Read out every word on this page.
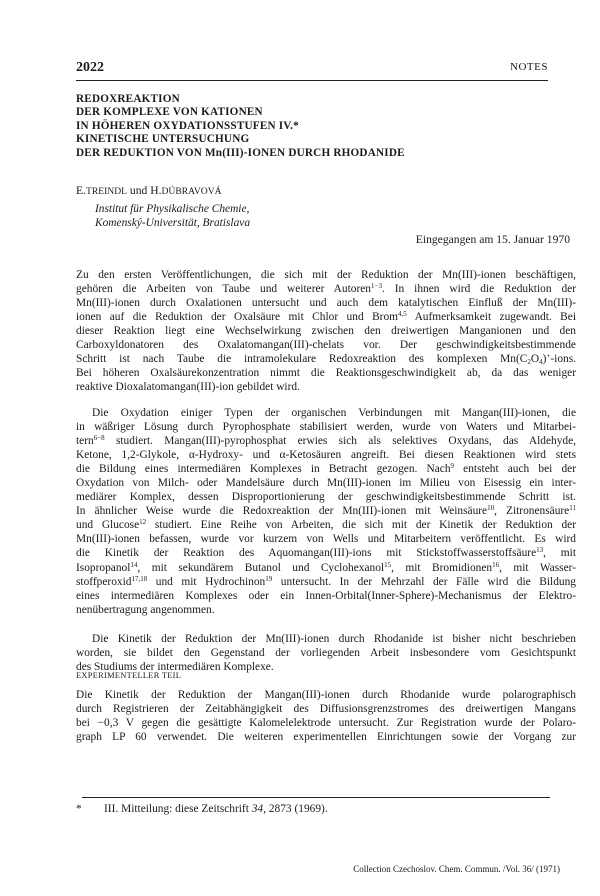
2022	NOTES
REDOXREAKTION
DER KOMPLEXE VON KATIONEN
IN HÖHEREN OXYDATIONSSTUFEN IV.*
KINETISCHE UNTERSUCHUNG
DER REDUKTION VON Mn(III)-IONEN DURCH RHODANIDE
E.TREINDL und H.DÚBRAVOVÁ
Institut für Physikalische Chemie,
Komenský-Universität, Bratislava
Eingegangen am 15. Januar 1970
Zu den ersten Veröffentlichungen, die sich mit der Reduktion der Mn(III)-ionen beschäftigen,
gehören die Arbeiten von Taube und weiterer Autoren$^{1-3}$. In ihnen wird die Reduktion der
Mn(III)-ionen durch Oxalationen untersucht und auch dem katalytischen Einfluß der Mn(III)-
ionen auf die Reduktion der Oxalsäure mit Chlor und Brom$^{4,5}$ Aufmerksamkeit zugewandt. Bei
dieser Reaktion liegt eine Wechselwirkung zwischen den dreiwertigen Manganionen und den
Carboxyldonatoren des Oxalatomangan(III)-chelats vor. Der geschwindigkeitsbestimmende
Schritt ist nach Taube die intramolekulare Redoxreaktion des komplexen $Mn(C_2O_4)^+$-ions.
Bei höheren Oxalsäurekonzentration nimmt die Reaktionsgeschwindigkeit ab, da das weniger
reaktive Dioxalatomangan(III)-ion gebildet wird.
Die Oxydation einiger Typen der organischen Verbindungen mit Mangan(III)-ionen, die
in wäßriger Lösung durch Pyrophosphate stabilisiert werden, wurde von Waters und Mitarbei-
tern$^{6-8}$ studiert. Mangan(III)-pyrophosphat erwies sich als selektives Oxydans, das Aldehyde,
Ketone, 1,2-Glykole, α-Hydroxy- und α-Ketosäuren angreift. Bei diesen Reaktionen wird stets
die Bildung eines intermediären Komplexes in Betracht gezogen. Nach$^9$ entsteht auch bei der
Oxydation von Milch- oder Mandelsäure durch Mn(III)-ionen im Milieu von Eisessig ein inter-
mediärer Komplex, dessen Disproportionierung der geschwindigkeitsbestimmende Schritt ist.
In ähnlicher Weise wurde die Redoxreaktion der Mn(III)-ionen mit Weinsäure$^{10}$, Zitronensäure$^{11}$
und Glucose$^{12}$ studiert. Eine Reihe von Arbeiten, die sich mit der Kinetik der Reduktion der
Mn(III)-ionen befassen, wurde vor kurzem von Wells und Mitarbeitern veröffentlicht. Es wird
die Kinetik der Reaktion des Aquomangan(III)-ions mit Stickstoffwasserstoffsäure$^{13}$, mit
Isopropanol$^{14}$, mit sekundärem Butanol und Cyclohexanol$^{15}$, mit Bromidionen$^{16}$, mit Wasser-
stoffperoxid$^{17,18}$ und mit Hydrochinon$^{19}$ untersucht. In der Mehrzahl der Fälle wird die Bildung
eines intermediären Komplexes oder ein Innen-Orbital(Inner-Sphere)-Mechanismus der Elektro-
nenübertragung angenommen.
Die Kinetik der Reduktion der Mn(III)-ionen durch Rhodanide ist bisher nicht beschrieben
worden, sie bildet den Gegenstand der vorliegenden Arbeit insbesondere vom Gesichtspunkt
des Studiums der intermediären Komplexe.
EXPERIMENTELLER TEIL
Die Kinetik der Reduktion der Mangan(III)-ionen durch Rhodanide wurde polarographisch
durch Registrieren der Zeitabhängigkeit des Diffusionsgrenzstromes des dreiwertigen Mangans
bei −0,3 V gegen die gesättigte Kalomelelektrode untersucht. Zur Registration wurde der Polaro-
graph LP 60 verwendet. Die weiteren experimentellen Einrichtungen sowie der Vorgang zur
* III. Mitteilung: diese Zeitschrift 34, 2873 (1969).
Collection Czechoslov. Chem. Commun. /Vol. 36/ (1971)
